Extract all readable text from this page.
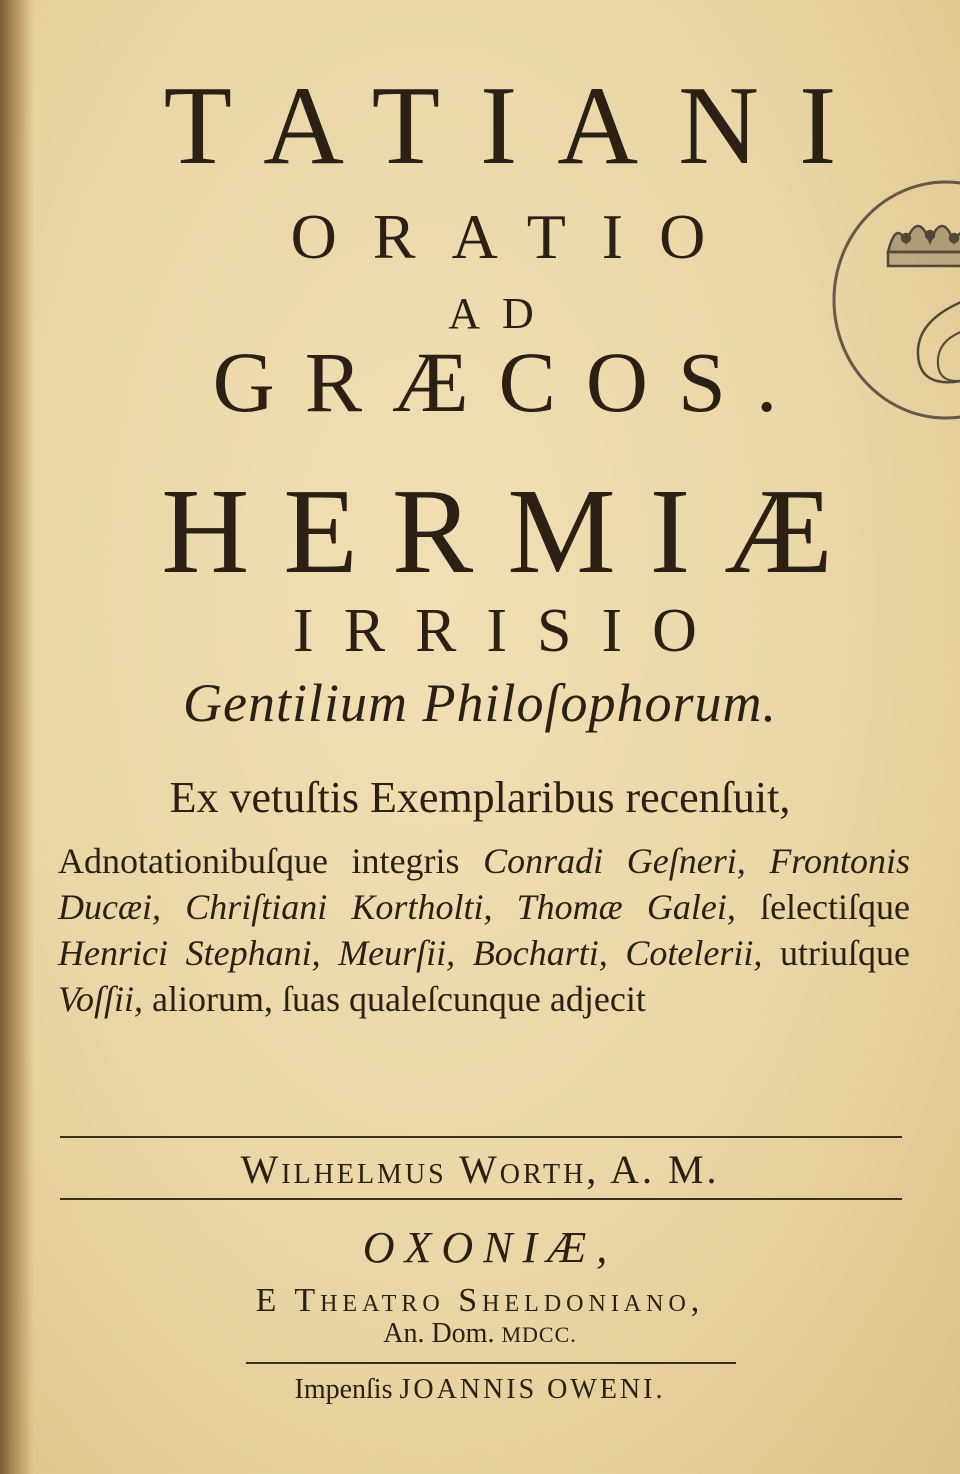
TATIANI
ORATIO
AD
GRÆCOS.
HERMIÆ
IRRISIO
Gentilium Philoſophorum.
Ex vetuſtis Exemplaribus recenſuit,
Adnotationibuſque integris Conradi Geſneri, Frontonis Ducæi, Chriſtiani Kortholti, Thomæ Galei, ſelectiſque Henrici Stephani, Meurſii, Bocharti, Cotelerii, utriuſque Voſſii, aliorum, ſuas qualeſcunque adjecit
Wilhelmus Worth, A. M.
OXONIÆ,
E Theatro Sheldoniano,
An. Dom. MDCC.
Impenſis JOANNIS OWENI.
